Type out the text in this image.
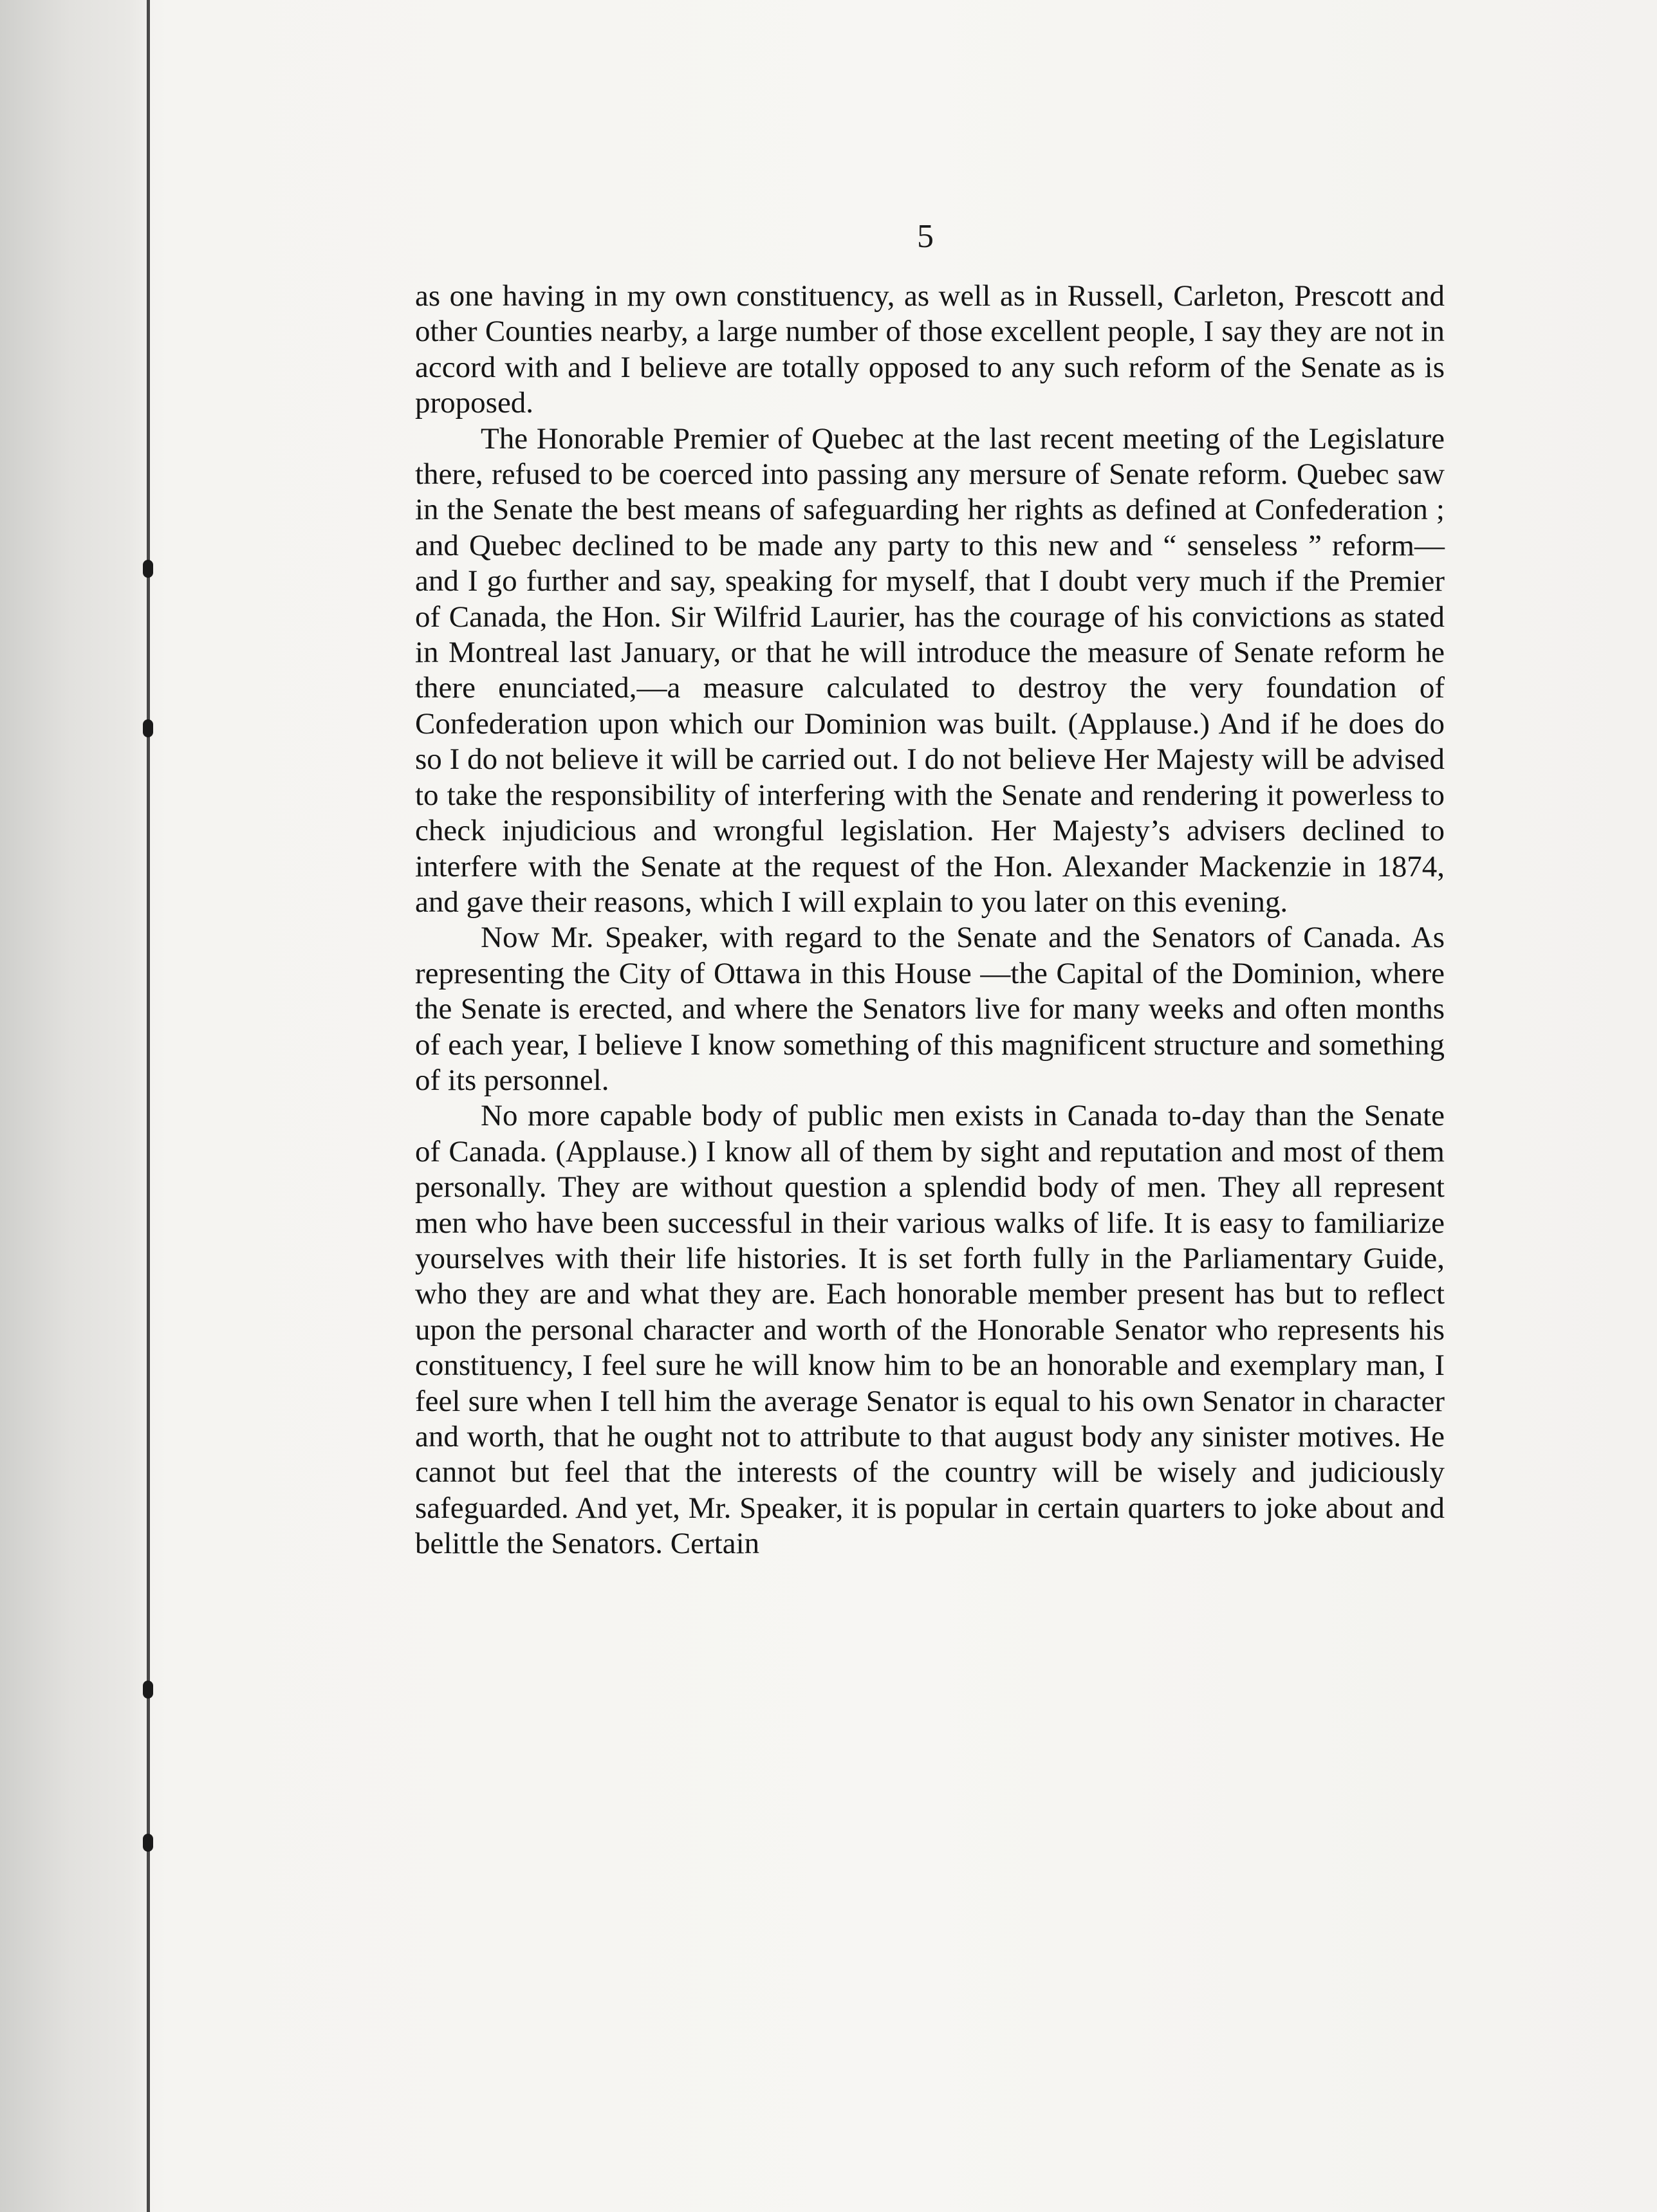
5

as one having in my own constituency, as well as in Russell, Carleton, Prescott and other Counties nearby, a large number of those excellent people, I say they are not in accord with and I believe are totally opposed to any such reform of the Senate as is proposed.

The Honorable Premier of Quebec at the last recent meeting of the Legislature there, refused to be coerced into passing any mersure of Senate reform. Quebec saw in the Senate the best means of safeguarding her rights as defined at Confederation ; and Quebec declined to be made any party to this new and “ senseless ” reform—and I go further and say, speaking for myself, that I doubt very much if the Premier of Canada, the Hon. Sir Wilfrid Laurier, has the courage of his convictions as stated in Montreal last January, or that he will introduce the measure of Senate reform he there enunciated,—a measure calculated to destroy the very foundation of Confederation upon which our Dominion was built. (Applause.) And if he does do so I do not believe it will be carried out. I do not believe Her Majesty will be advised to take the responsibility of interfering with the Senate and rendering it powerless to check injudicious and wrongful legislation. Her Majesty’s advisers declined to interfere with the Senate at the request of the Hon. Alexander Mackenzie in 1874, and gave their reasons, which I will explain to you later on this evening.

Now Mr. Speaker, with regard to the Senate and the Senators of Canada. As representing the City of Ottawa in this House —the Capital of the Dominion, where the Senate is erected, and where the Senators live for many weeks and often months of each year, I believe I know something of this magnificent structure and something of its personnel.

No more capable body of public men exists in Canada to-day than the Senate of Canada. (Applause.) I know all of them by sight and reputation and most of them personally. They are without question a splendid body of men. They all represent men who have been successful in their various walks of life. It is easy to familiarize yourselves with their life histories. It is set forth fully in the Parliamentary Guide, who they are and what they are. Each honorable member present has but to reflect upon the personal character and worth of the Honorable Senator who represents his constituency, I feel sure he will know him to be an honorable and exemplary man, I feel sure when I tell him the average Senator is equal to his own Senator in character and worth, that he ought not to attribute to that august body any sinister motives. He cannot but feel that the interests of the country will be wisely and judiciously safeguarded. And yet, Mr. Speaker, it is popular in certain quarters to joke about and belittle the Senators. Certain
